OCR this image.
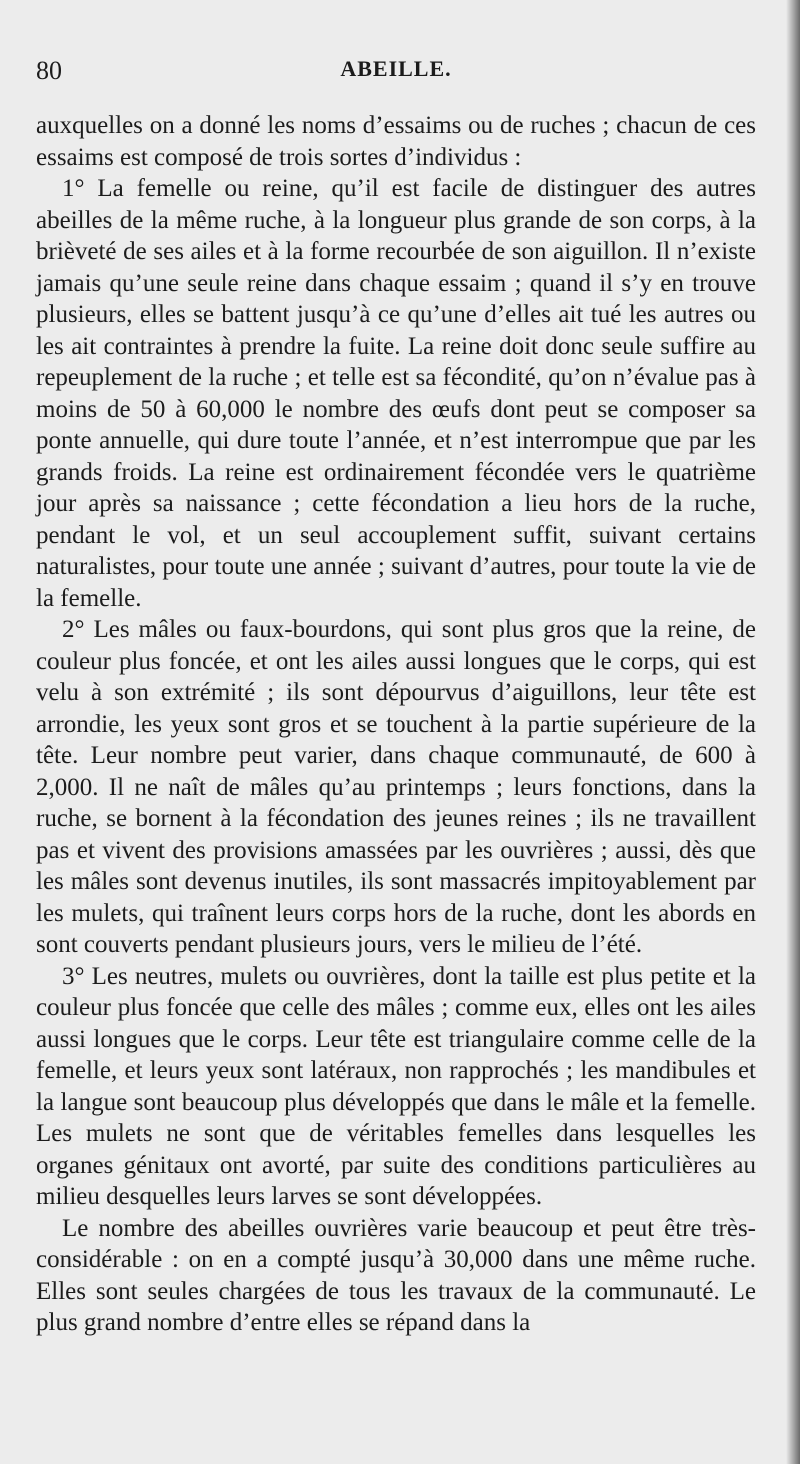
80	ABEILLE.

auxquelles on a donné les noms d’essaims ou de ruches ; chacun de ces essaims est composé de trois sortes d’individus :

1° La femelle ou reine, qu’il est facile de distinguer des autres abeilles de la même ruche, à la longueur plus grande de son corps, à la brièveté de ses ailes et à la forme recourbée de son aiguillon. Il n’existe jamais qu’une seule reine dans chaque essaim ; quand il s’y en trouve plusieurs, elles se battent jusqu’à ce qu’une d’elles ait tué les autres ou les ait contraintes à prendre la fuite. La reine doit donc seule suffire au repeuplement de la ruche ; et telle est sa fécondité, qu’on n’évalue pas à moins de 50 à 60,000 le nombre des œufs dont peut se composer sa ponte annuelle, qui dure toute l’année, et n’est interrompue que par les grands froids. La reine est ordinairement fécondée vers le quatrième jour après sa naissance ; cette fécondation a lieu hors de la ruche, pendant le vol, et un seul accouplement suffit, suivant certains naturalistes, pour toute une année ; suivant d’autres, pour toute la vie de la femelle.

2° Les mâles ou faux-bourdons, qui sont plus gros que la reine, de couleur plus foncée, et ont les ailes aussi longues que le corps, qui est velu à son extrémité ; ils sont dépourvus d’aiguillons, leur tête est arrondie, les yeux sont gros et se touchent à la partie supérieure de la tête. Leur nombre peut varier, dans chaque communauté, de 600 à 2,000. Il ne naît de mâles qu’au printemps ; leurs fonctions, dans la ruche, se bornent à la fécondation des jeunes reines ; ils ne travaillent pas et vivent des provisions amassées par les ouvrières ; aussi, dès que les mâles sont devenus inutiles, ils sont massacrés impitoyablement par les mulets, qui traînent leurs corps hors de la ruche, dont les abords en sont couverts pendant plusieurs jours, vers le milieu de l’été.

3° Les neutres, mulets ou ouvrières, dont la taille est plus petite et la couleur plus foncée que celle des mâles ; comme eux, elles ont les ailes aussi longues que le corps. Leur tête est triangulaire comme celle de la femelle, et leurs yeux sont latéraux, non rapprochés ; les mandibules et la langue sont beaucoup plus développés que dans le mâle et la femelle. Les mulets ne sont que de véritables femelles dans lesquelles les organes génitaux ont avorté, par suite des conditions particulières au milieu desquelles leurs larves se sont développées.

Le nombre des abeilles ouvrières varie beaucoup et peut être très-considérable : on en a compté jusqu’à 30,000 dans une même ruche. Elles sont seules chargées de tous les travaux de la communauté. Le plus grand nombre d’entre elles se répand dans la
